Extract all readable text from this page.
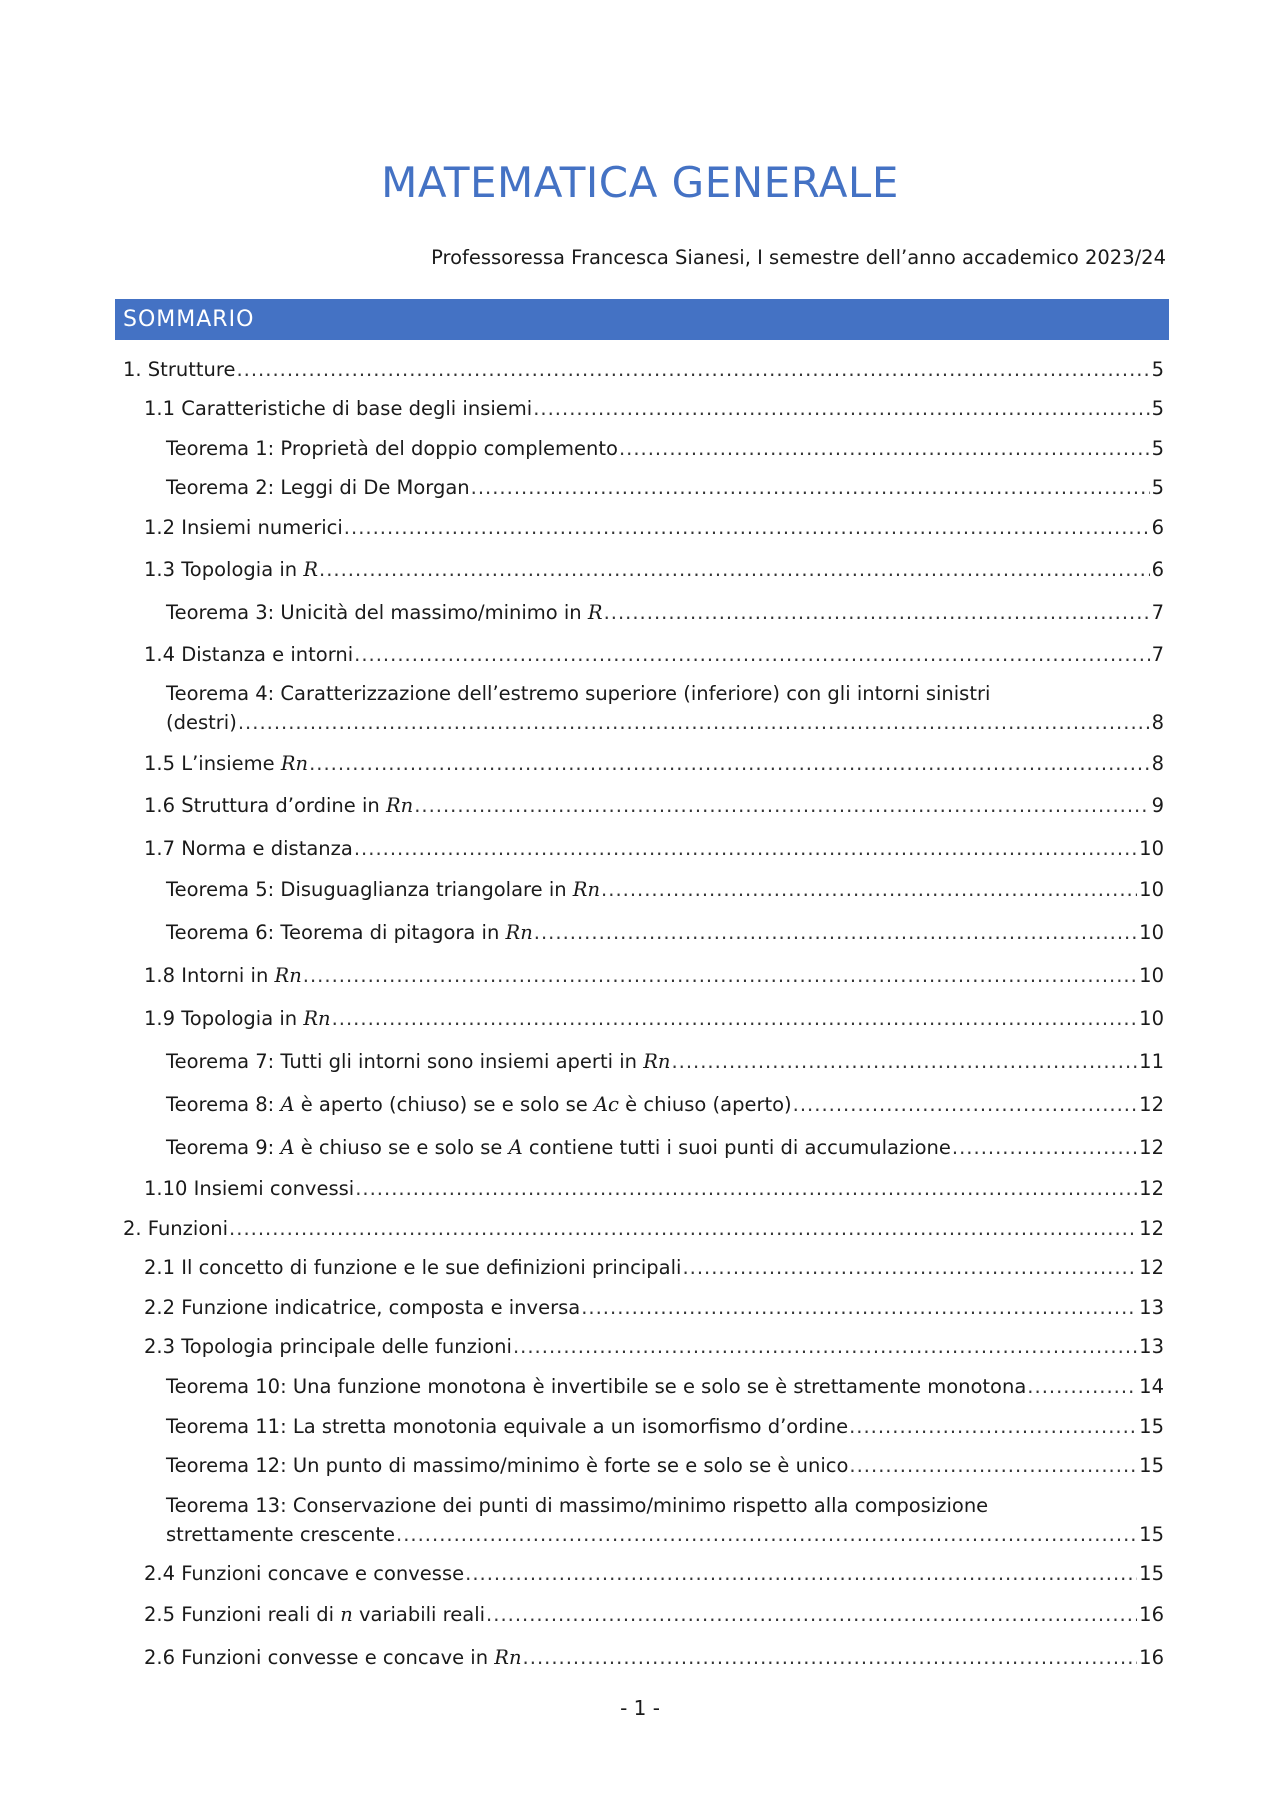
MATEMATICA GENERALE
Professoressa Francesca Sianesi, I semestre dell’anno accademico 2023/24
SOMMARIO
1. Strutture .....	5
1.1 Caratteristiche di base degli insiemi .....	5
Teorema 1: Proprietà del doppio complemento .....	5
Teorema 2: Leggi di De Morgan .....	5
1.2 Insiemi numerici .....	6
1.3 Topologia in R .....	6
Teorema 3: Unicità del massimo/minimo in R .....	7
1.4 Distanza e intorni .....	7
Teorema 4: Caratterizzazione dell’estremo superiore (inferiore) con gli intorni sinistri
(destri) .....	8
1.5 L’insieme Rn .....	8
1.6 Struttura d’ordine in Rn .....	9
1.7 Norma e distanza .....	10
Teorema 5: Disuguaglianza triangolare in Rn .....	10
Teorema 6: Teorema di pitagora in Rn .....	10
1.8 Intorni in Rn .....	10
1.9 Topologia in Rn .....	10
Teorema 7: Tutti gli intorni sono insiemi aperti in Rn .....	11
Teorema 8: A è aperto (chiuso) se e solo se Ac è chiuso (aperto) .....	12
Teorema 9: A è chiuso se e solo se A contiene tutti i suoi punti di accumulazione .....	12
1.10 Insiemi convessi .....	12
2. Funzioni .....	12
2.1 Il concetto di funzione e le sue definizioni principali .....	12
2.2 Funzione indicatrice, composta e inversa .....	13
2.3 Topologia principale delle funzioni .....	13
Teorema 10: Una funzione monotona è invertibile se e solo se è strettamente monotona .....	14
Teorema 11: La stretta monotonia equivale a un isomorfismo d’ordine .....	15
Teorema 12: Un punto di massimo/minimo è forte se e solo se è unico .....	15
Teorema 13: Conservazione dei punti di massimo/minimo rispetto alla composizione
strettamente crescente .....	15
2.4 Funzioni concave e convesse .....	15
2.5 Funzioni reali di n variabili reali .....	16
2.6 Funzioni convesse e concave in Rn .....	16
- 1 -
